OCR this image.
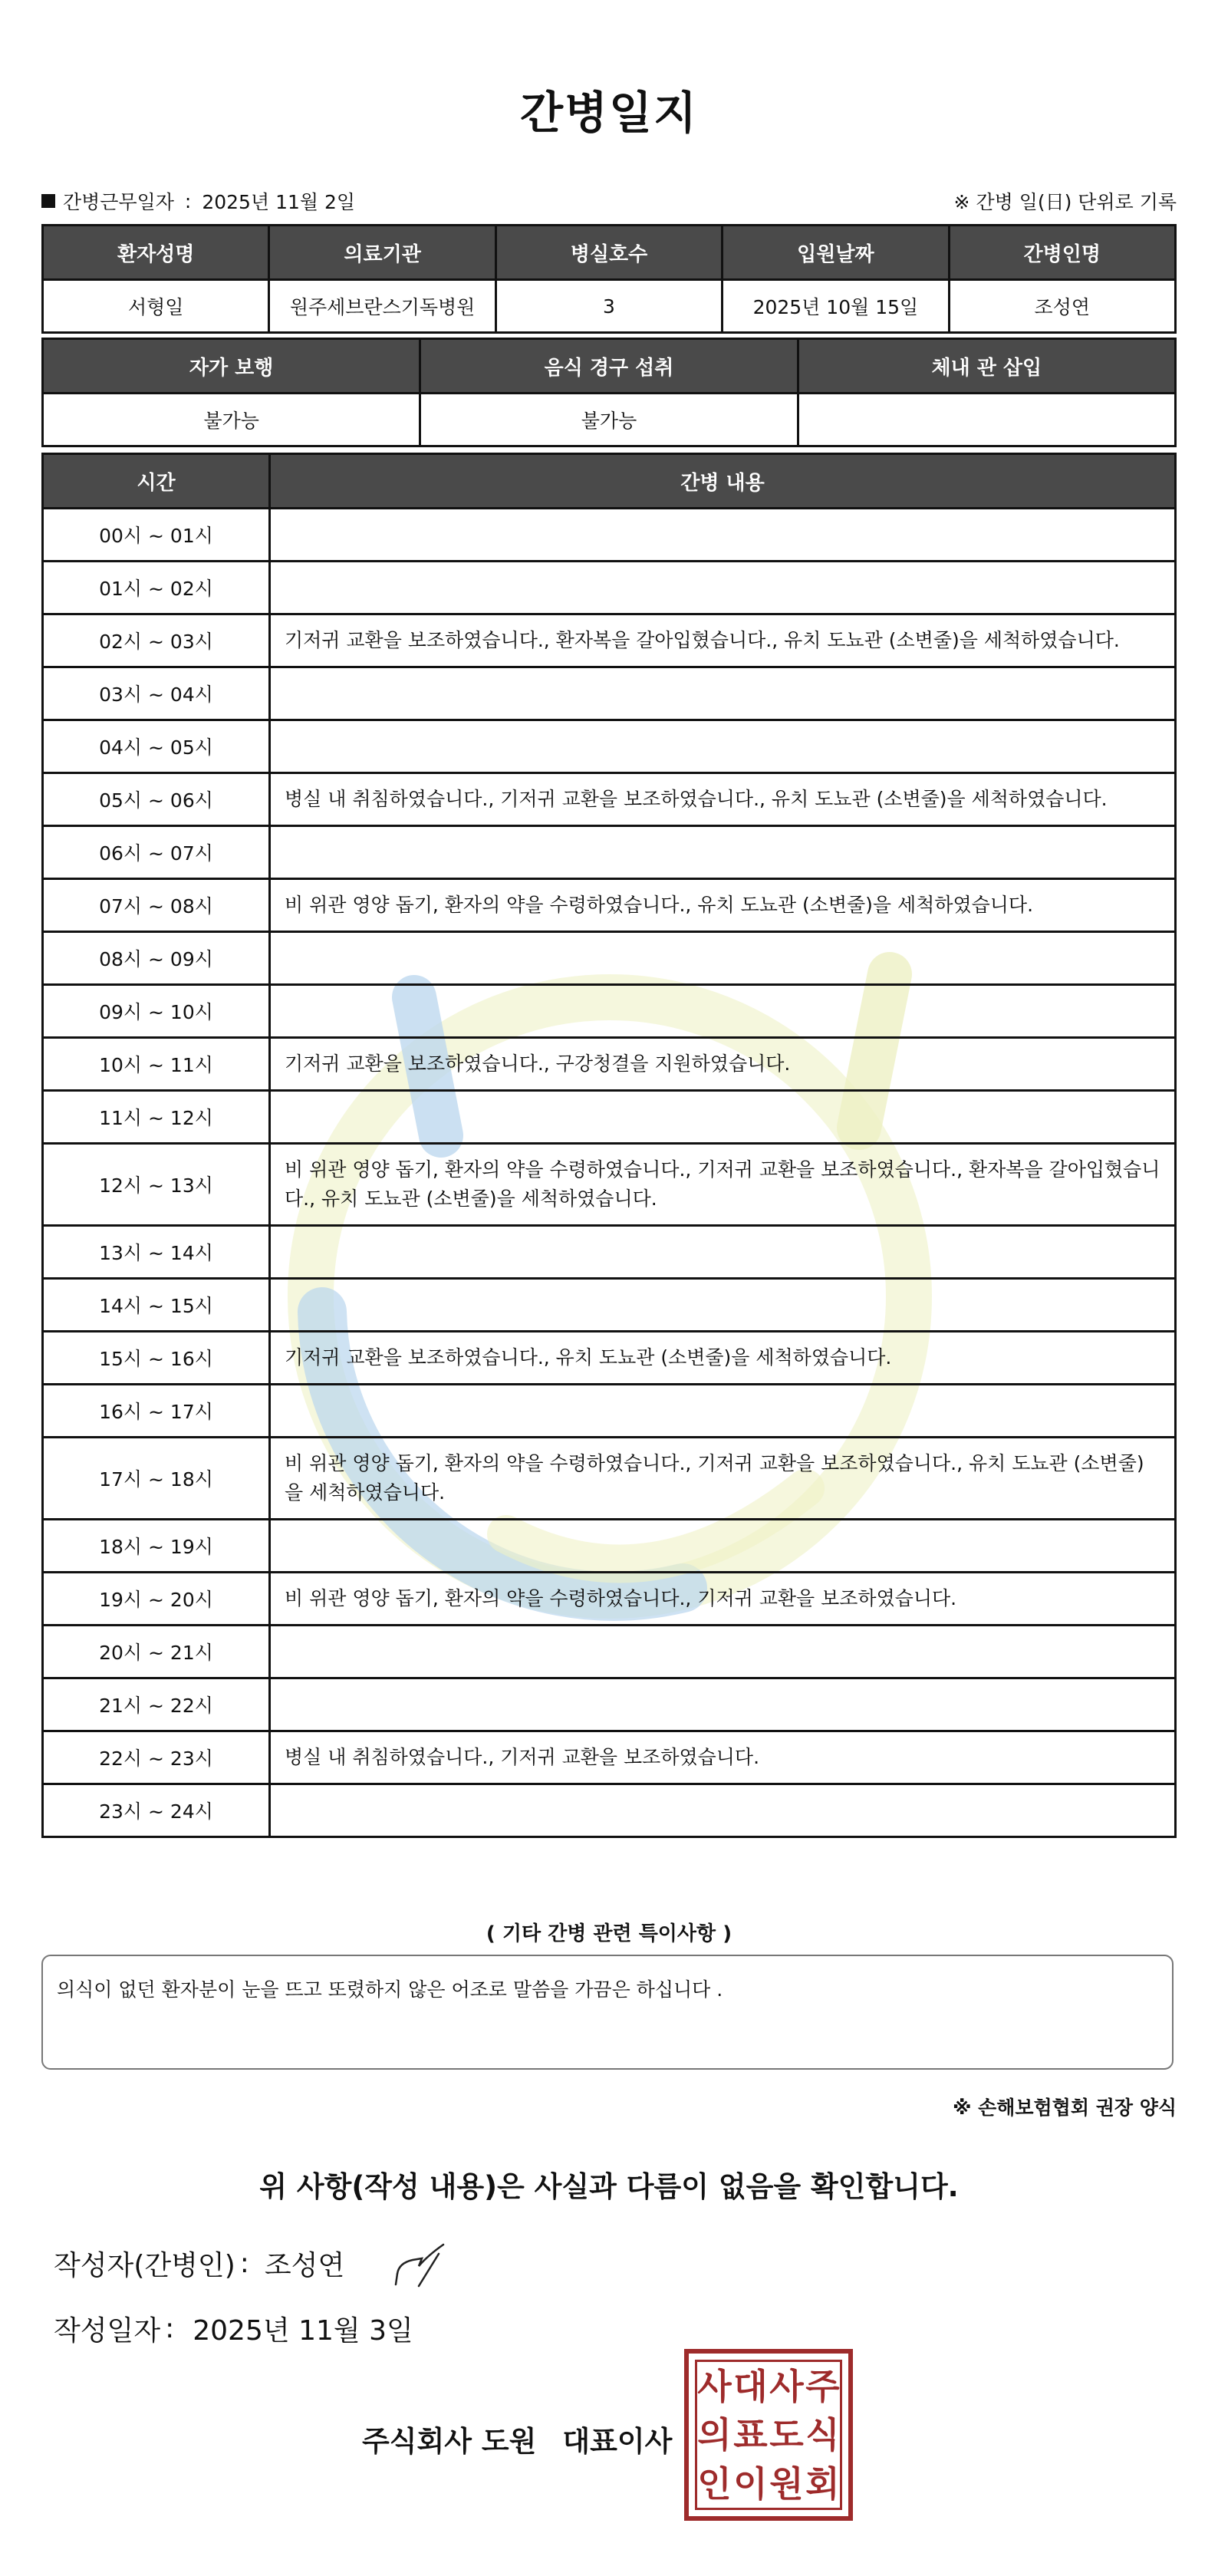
간병일지
간병근무일자 : 2025년 11월 2일	※ 간병 일(日) 단위로 기록
환자성명	의료기관	병실호수	입원날짜	간병인명
서형일	원주세브란스기독병원	3	2025년 10월 15일	조성연
자가 보행	음식 경구 섭취	체내 관 삽입
불가능	불가능	
시간	간병 내용
00시 ~ 01시	
01시 ~ 02시	
02시 ~ 03시	기저귀 교환을 보조하였습니다., 환자복을 갈아입혔습니다., 유치 도뇨관 (소변줄)을 세척하였습니다.
03시 ~ 04시	
04시 ~ 05시	
05시 ~ 06시	병실 내 취침하였습니다., 기저귀 교환을 보조하였습니다., 유치 도뇨관 (소변줄)을 세척하였습니다.
06시 ~ 07시	
07시 ~ 08시	비 위관 영양 돕기, 환자의 약을 수령하였습니다., 유치 도뇨관 (소변줄)을 세척하였습니다.
08시 ~ 09시	
09시 ~ 10시	
10시 ~ 11시	기저귀 교환을 보조하였습니다., 구강청결을 지원하였습니다.
11시 ~ 12시	
12시 ~ 13시	비 위관 영양 돕기, 환자의 약을 수령하였습니다., 기저귀 교환을 보조하였습니다., 환자복을 갈아입혔습니다., 유치 도뇨관 (소변줄)을 세척하였습니다.
13시 ~ 14시	
14시 ~ 15시	
15시 ~ 16시	기저귀 교환을 보조하였습니다., 유치 도뇨관 (소변줄)을 세척하였습니다.
16시 ~ 17시	
17시 ~ 18시	비 위관 영양 돕기, 환자의 약을 수령하였습니다., 기저귀 교환을 보조하였습니다., 유치 도뇨관 (소변줄)을 세척하였습니다.
18시 ~ 19시	
19시 ~ 20시	비 위관 영양 돕기, 환자의 약을 수령하였습니다., 기저귀 교환을 보조하였습니다.
20시 ~ 21시	
21시 ~ 22시	
22시 ~ 23시	병실 내 취침하였습니다., 기저귀 교환을 보조하였습니다.
23시 ~ 24시	
( 기타 간병 관련 특이사항 )
의식이 없던 환자분이 눈을 뜨고 또렸하지 않은 어조로 말씀을 가끔은 하십니다 .
※ 손해보험협회 권장 양식
위 사항(작성 내용)은 사실과 다름이 없음을 확인합니다.
작성자(간병인) : 조성연
작성일자 : 2025년 11월 3일
주식회사 도원 대표이사
사 대 사 주
의 표 도 식
인 이 원 회
